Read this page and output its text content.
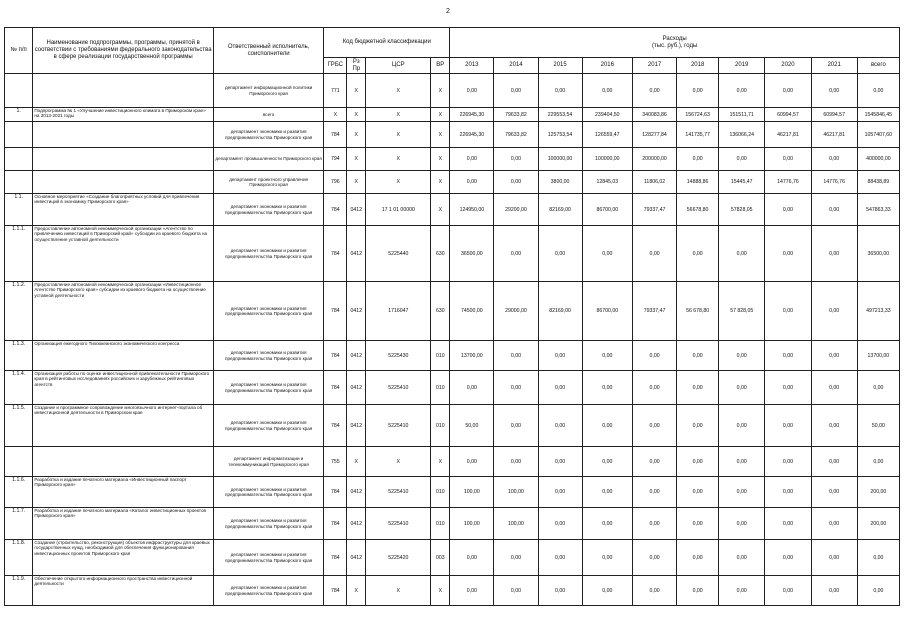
2
№ п/п	Наименование подпрограммы, программы, принятой в соответствии с требованиями федерального законодательства в сфере реализации государственной программы	Ответственный исполнитель, соисполнители	Код бюджетной классификации				Расходы
(тыс. руб.), годы									
			ГРБС	Рз Пр	ЦСР	ВР	2013	2014	2015	2016	2017	2018	2019	2020	2021	всего
		департамент информационной политики Приморского края	771	X	X	X	0,00	0,00	0,00	0,00	0,00	0,00	0,00	0,00	0,00	0,00
1.	Подпрограмма № 1 «Улучшение инвестиционного климата в Приморском крае» на 2013-2021 годы	всего	X	X	X	X	226945,30	79633,82	229553,54	239404,50	340083,86	156724,63	151511,71	60994,57	60994,57	1545846,45
		департамент экономики и развития предпринимательства Приморского края	784	X	X	X	226945,30	79633,82	125753,54	126559,47	128277,84	141735,77	136066,24	46217,81	46217,81	1057407,60
		департамент промышленности Приморского края	794	X	X	X	0,00	0,00	100000,00	100000,00	200000,00	0,00	0,00	0,00	0,00	400000,00
		департамент проектного управления Приморского края	796	X	X	X	0,00	0,00	3800,00	12845,03	11806,02	14888,86	15445,47	14776,76	14776,76	88438,89
1.1.	Основное мероприятие «Создание благоприятных условий для привлечения инвестиций в экономику Приморского края»	департамент экономики и развития предпринимательства Приморского края	784	0412	17 1 01 00000	X	124950,00	29200,00	82169,00	86700,00	79337,47	56678,80	57828,05	0,00	0,00	547863,33
1.1.1.	Предоставление автономной некоммерческой организации «Агентство по привлечению инвестиций в Приморский край» субсидии из краевого бюджета на осуществление уставной деятельности	департамент экономики и развития предпринимательства Приморского края	784	0412	5225440	630	36500,00	0,00	0,00	0,00	0,00	0,00	0,00	0,00	0,00	36500,00
1.1.2.	Предоставление автономной некоммерческой организации «Инвестиционное Агентство Приморского края» субсидии из краевого бюджета на осуществление уставной деятельности	департамент экономики и развития предпринимательства Приморского края	784	0412	1716047	630	74500,00	29000,00	82169,00	86700,00	79337,47	56 678,80	57 828,05	0,00	0,00	497213,33
1.1.3.	Организация ежегодного Тихоокеанского экономического конгресса	департамент экономики и развития предпринимательства Приморского края	784	0412	5225430	010	13700,00	0,00	0,00	0,00	0,00	0,00	0,00	0,00	0,00	13700,00
1.1.4.	Организация работы по оценке инвестиционной привлекательности Приморского края в рейтинговых исследованиях российских и зарубежных рейтинговых агентств	департамент экономики и развития предпринимательства Приморского края	784	0412	5225410	010	0,00	0,00	0,00	0,00	0,00	0,00	0,00	0,00	0,00	0,00
1.1.5.	Создание и программное сопровождение многоязычного интернет-портала об инвестиционной деятельности в Приморском крае	департамент экономики и развития предпринимательства Приморского края	784	0412	5225410	010	50,00	0,00	0,00	0,00	0,00	0,00	0,00	0,00	0,00	50,00
		департамент информатизации и телекоммуникаций Приморского края	755	X	X	X	0,00	0,00	0,00	0,00	0,00	0,00	0,00	0,00	0,00	0,00
1.1.6.	Разработка и издание печатного материала «Инвестиционный паспорт Приморского края»	департамент экономики и развития предпринимательства Приморского края	784	0412	5225410	010	100,00	100,00	0,00	0,00	0,00	0,00	0,00	0,00	0,00	200,00
1.1.7.	Разработка и издание печатного материала «Каталог инвестиционных проектов Приморского края»	департамент экономики и развития предпринимательства Приморского края	784	0412	5225410	010	100,00	100,00	0,00	0,00	0,00	0,00	0,00	0,00	0,00	200,00
1.1.8.	Создание (строительство, реконструкция) объектов инфраструктуры для краевых государственных нужд, необходимой для обеспечения функционирования инвестиционных проектов Приморского края	департамент экономики и развития предпринимательства Приморского края	784	0412	5225420	003	0,00	0,00	0,00	0,00	0,00	0,00	0,00	0,00	0,00	0,00
1.1.9.	Обеспечение открытого информационного пространства инвестиционной деятельности	департамент экономики и развития предпринимательства Приморского края	784	X	X	X	0,00	0,00	0,00	0,00	0,00	0,00	0,00	0,00	0,00	0,00
